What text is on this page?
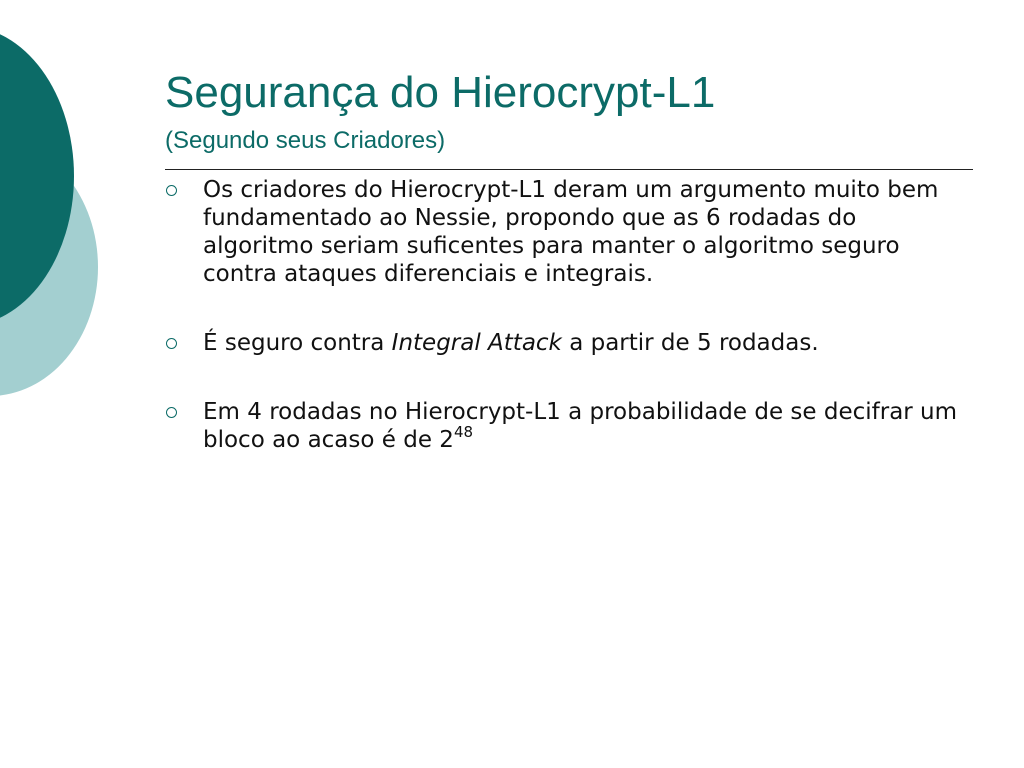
Segurança do Hierocrypt-L1
(Segundo seus Criadores)
Os criadores do Hierocrypt-L1 deram um argumento muito bem fundamentado ao Nessie, propondo que as 6 rodadas do algoritmo seriam suficentes para manter o algoritmo seguro contra ataques diferenciais e integrais.
É seguro contra Integral Attack a partir de 5 rodadas.
Em 4 rodadas no Hierocrypt-L1 a probabilidade de se decifrar um bloco ao acaso é de $2^{48}$
